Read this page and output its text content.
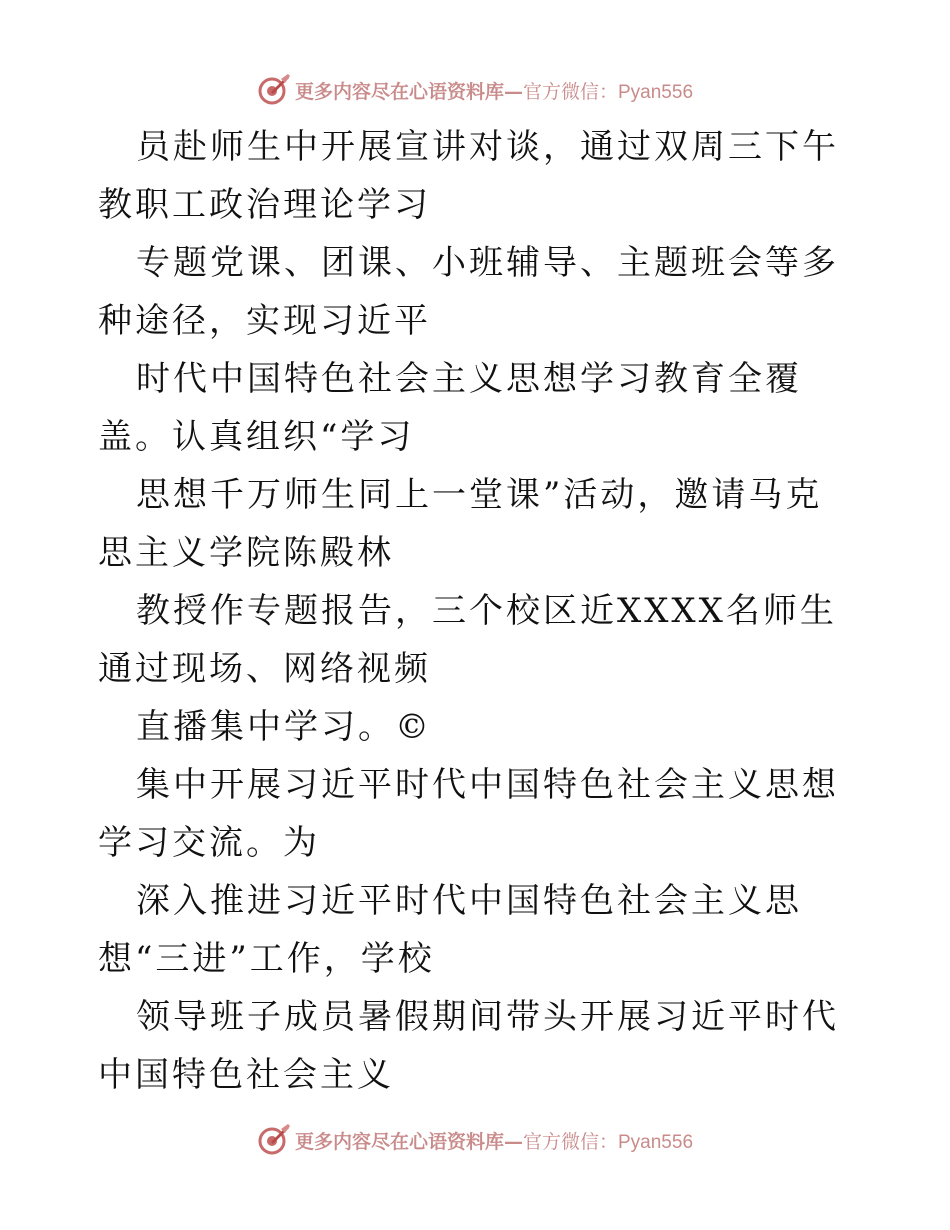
更多内容尽在心语资料库— 官方微信：Pyan556

员赴师生中开展宣讲对谈，通过双周三下午教职工政治理论学习

专题党课、团课、小班辅导、主题班会等多种途径，实现习近平

时代中国特色社会主义思想学习教育全覆盖。认真组织“学习

思想千万师生同上一堂课”活动，邀请马克思主义学院陈殿林

教授作专题报告，三个校区近XXXX名师生通过现场、网络视频

直播集中学习。©

集中开展习近平时代中国特色社会主义思想学习交流。为

深入推进习近平时代中国特色社会主义思想“三进”工作，学校

领导班子成员暑假期间带头开展习近平时代中国特色社会主义

更多内容尽在心语资料库— 官方微信：Pyan556
